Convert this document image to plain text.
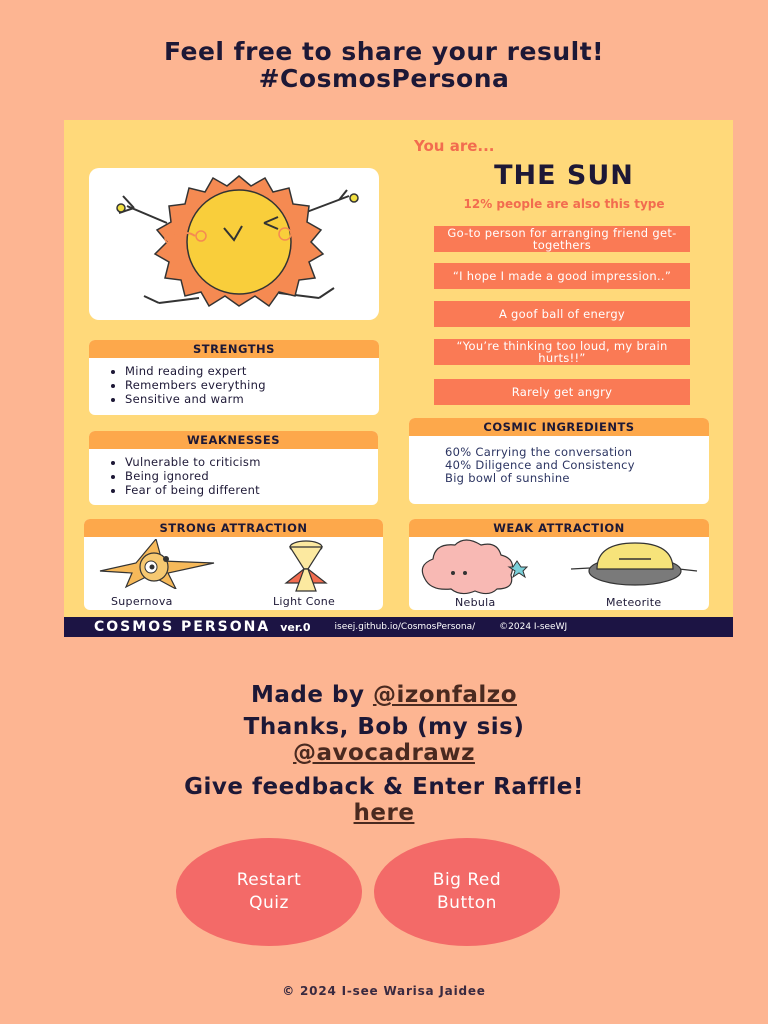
Feel free to share your result!
#CosmosPersona
You are...
THE SUN
12% people are also this type
Go-to person for arranging friend get-togethers
“I hope I made a good impression..”
A goof ball of energy
“You’re thinking too loud, my brain hurts!!”
Rarely get angry
STRENGTHS
• Mind reading expert
• Remembers everything
• Sensitive and warm
WEAKNESSES
• Vulnerable to criticism
• Being ignored
• Fear of being different
COSMIC INGREDIENTS
60% Carrying the conversation
40% Diligence and Consistency
Big bowl of sunshine
STRONG ATTRACTION
Supernova	Light Cone
WEAK ATTRACTION
Nebula	Meteorite
COSMOS PERSONA ver.0	iseej.github.io/CosmosPersona/	©2024 I-seeWJ
Made by @izonfalzo
Thanks, Bob (my sis)
@avocadrawz
Give feedback & Enter Raffle!
here
Restart
Quiz
Big Red
Button
© 2024 I-see Warisa Jaidee
